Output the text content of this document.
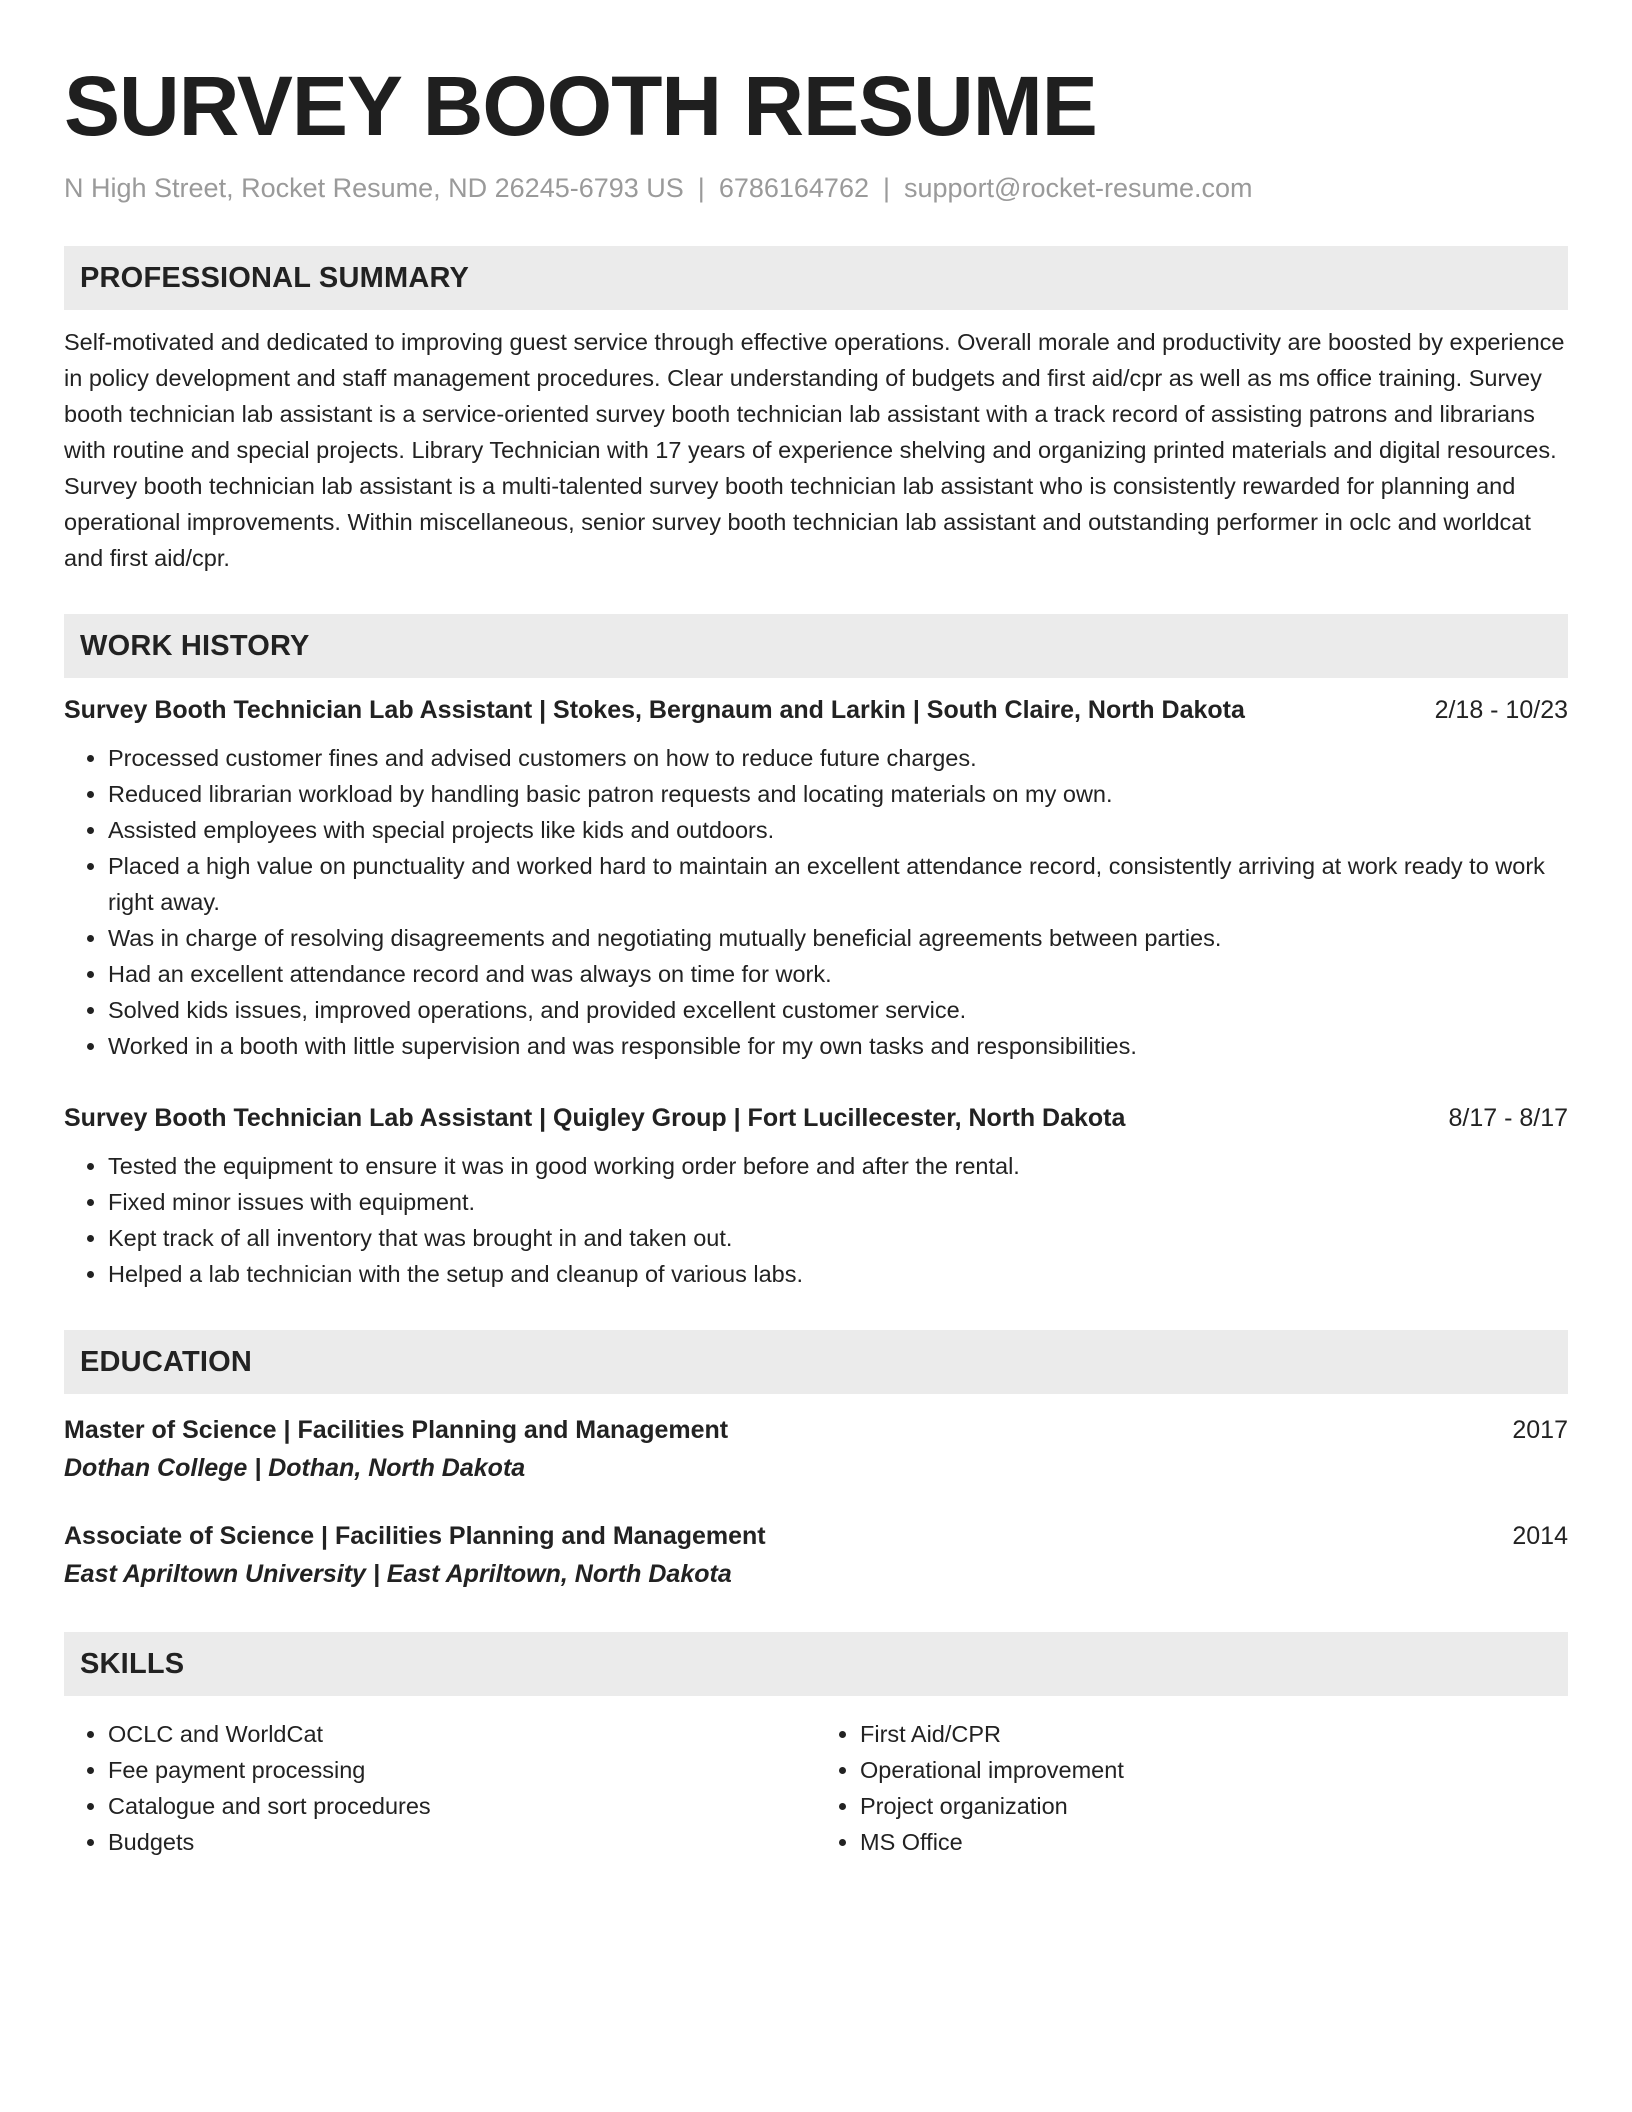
SURVEY BOOTH RESUME
N High Street, Rocket Resume, ND 26245-6793 US | 6786164762 | support@rocket-resume.com
PROFESSIONAL SUMMARY
Self-motivated and dedicated to improving guest service through effective operations. Overall morale and productivity are boosted by experience in policy development and staff management procedures. Clear understanding of budgets and first aid/cpr as well as ms office training. Survey booth technician lab assistant is a service-oriented survey booth technician lab assistant with a track record of assisting patrons and librarians with routine and special projects. Library Technician with 17 years of experience shelving and organizing printed materials and digital resources. Survey booth technician lab assistant is a multi-talented survey booth technician lab assistant who is consistently rewarded for planning and operational improvements. Within miscellaneous, senior survey booth technician lab assistant and outstanding performer in oclc and worldcat and first aid/cpr.
WORK HISTORY
Survey Booth Technician Lab Assistant | Stokes, Bergnaum and Larkin | South Claire, North Dakota	2/18 - 10/23
• Processed customer fines and advised customers on how to reduce future charges.
• Reduced librarian workload by handling basic patron requests and locating materials on my own.
• Assisted employees with special projects like kids and outdoors.
• Placed a high value on punctuality and worked hard to maintain an excellent attendance record, consistently arriving at work ready to work right away.
• Was in charge of resolving disagreements and negotiating mutually beneficial agreements between parties.
• Had an excellent attendance record and was always on time for work.
• Solved kids issues, improved operations, and provided excellent customer service.
• Worked in a booth with little supervision and was responsible for my own tasks and responsibilities.
Survey Booth Technician Lab Assistant | Quigley Group | Fort Lucillecester, North Dakota	8/17 - 8/17
• Tested the equipment to ensure it was in good working order before and after the rental.
• Fixed minor issues with equipment.
• Kept track of all inventory that was brought in and taken out.
• Helped a lab technician with the setup and cleanup of various labs.
EDUCATION
Master of Science | Facilities Planning and Management	2017
Dothan College | Dothan, North Dakota
Associate of Science | Facilities Planning and Management	2014
East Apriltown University | East Apriltown, North Dakota
SKILLS
• OCLC and WorldCat
• Fee payment processing
• Catalogue and sort procedures
• Budgets
• First Aid/CPR
• Operational improvement
• Project organization
• MS Office
